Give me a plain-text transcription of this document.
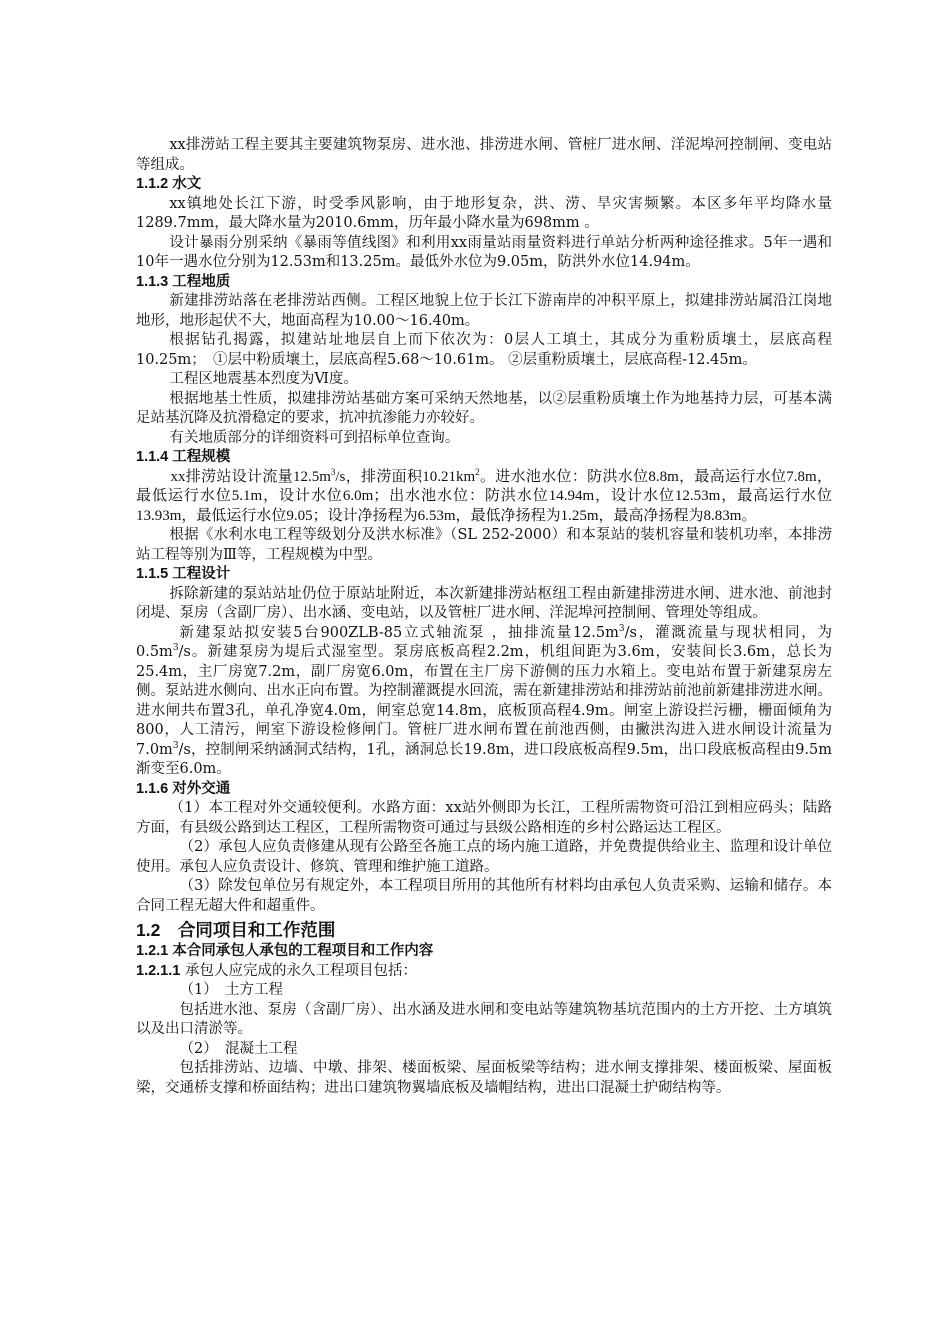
xx排涝站工程主要其主要建筑物泵房、进水池、排涝进水闸、管桩厂进水闸、洋泥埠河控制闸、变电站等组成。

1.1.2 水文

xx镇地处长江下游，时受季风影响，由于地形复杂，洪、涝、旱灾害频繁。本区多年平均降水量1289.7mm，最大降水量为2010.6mm，历年最小降水量为698mm 。

设计暴雨分别采纳《暴雨等值线图》和利用xx雨量站雨量资料进行单站分析两种途径推求。5年一遇和10年一遇水位分别为12.53m和13.25m。最低外水位为9.05m，防洪外水位14.94m。

1.1.3 工程地质

新建排涝站落在老排涝站西侧。工程区地貌上位于长江下游南岸的冲积平原上，拟建排涝站属沿江岗地地形，地形起伏不大，地面高程为10.00～16.40m。

根据钻孔揭露，拟建站址地层自上而下依次为：0层人工填土，其成分为重粉质壤土，层底高程10.25m；　①层中粉质壤土，层底高程5.68～10.61m。 ②层重粉质壤土，层底高程-12.45m。

工程区地震基本烈度为Ⅵ度。

根据地基土性质，拟建排涝站基础方案可采纳天然地基，以②层重粉质壤土作为地基持力层，可基本满足站基沉降及抗滑稳定的要求，抗冲抗渗能力亦较好。

有关地质部分的详细资料可到招标单位查询。

1.1.4 工程规模

xx排涝站设计流量$12.5m^3/s$，排涝面积$10.21km^2$。进水池水位：防洪水位8.8m，最高运行水位7.8m，最低运行水位5.1m，设计水位6.0m；出水池水位：防洪水位14.94m，设计水位12.53m，最高运行水位13.93m，最低运行水位9.05；设计净扬程为6.53m，最低净扬程为1.25m，最高净扬程为8.83m。

根据《水利水电工程等级划分及洪水标准》（SL 252-2000）和本泵站的装机容量和装机功率，本排涝站工程等别为Ⅲ等，工程规模为中型。

1.1.5 工程设计

拆除新建的泵站站址仍位于原站址附近，本次新建排涝站枢纽工程由新建排涝进水闸、进水池、前池封闭堤、泵房（含副厂房）、出水涵、变电站，以及管桩厂进水闸、洋泥埠河控制闸、管理处等组成。

新建泵站拟安装5台900ZLB-85立式轴流泵 ，抽排流量$12.5m^3/s$，灌溉流量与现状相同，为$0.5m^3/s$。新建泵房为堤后式湿室型。泵房底板高程2.2m，机组间距为3.6m，安装间长3.6m，总长为25.4m，主厂房宽7.2m，副厂房宽6.0m，布置在主厂房下游侧的压力水箱上。变电站布置于新建泵房左侧。泵站进水侧向、出水正向布置。为控制灌溉提水回流，需在新建排涝站和排涝站前池前新建排涝进水闸。进水闸共布置3孔，单孔净宽4.0m，闸室总宽14.8m，底板顶高程4.9m。闸室上游设拦污栅，栅面倾角为800，人工清污，闸室下游设检修闸门。管桩厂进水闸布置在前池西侧，由撇洪沟进入进水闸设计流量为$7.0m^3/s$，控制闸采纳涵洞式结构，1孔，涵洞总长19.8m，进口段底板高程9.5m，出口段底板高程由9.5m渐变至6.0m。

1.1.6 对外交通

（1）本工程对外交通较便利。水路方面：xx站外侧即为长江，工程所需物资可沿江到相应码头；陆路方面，有县级公路到达工程区，工程所需物资可通过与县级公路相连的乡村公路运达工程区。

（2）承包人应负责修建从现有公路至各施工点的场内施工道路，并免费提供给业主、监理和设计单位使用。承包人应负责设计、修筑、管理和维护施工道路。

（3）除发包单位另有规定外，本工程项目所用的其他所有材料均由承包人负责采购、运输和储存。本合同工程无超大件和超重件。

1.2　合同项目和工作范围
1.2.1 本合同承包人承包的工程项目和工作内容

1.2.1.1 承包人应完成的永久工程项目包括：

（1）　土方工程

包括进水池、泵房（含副厂房）、出水涵及进水闸和变电站等建筑物基坑范围内的土方开挖、土方填筑以及出口清淤等。

（2）　混凝土工程

包括排涝站、边墙、中墩、排架、楼面板梁、屋面板梁等结构；进水闸支撑排架、楼面板梁、屋面板梁，交通桥支撑和桥面结构；进出口建筑物翼墙底板及墙帽结构，进出口混凝土护砌结构等。
